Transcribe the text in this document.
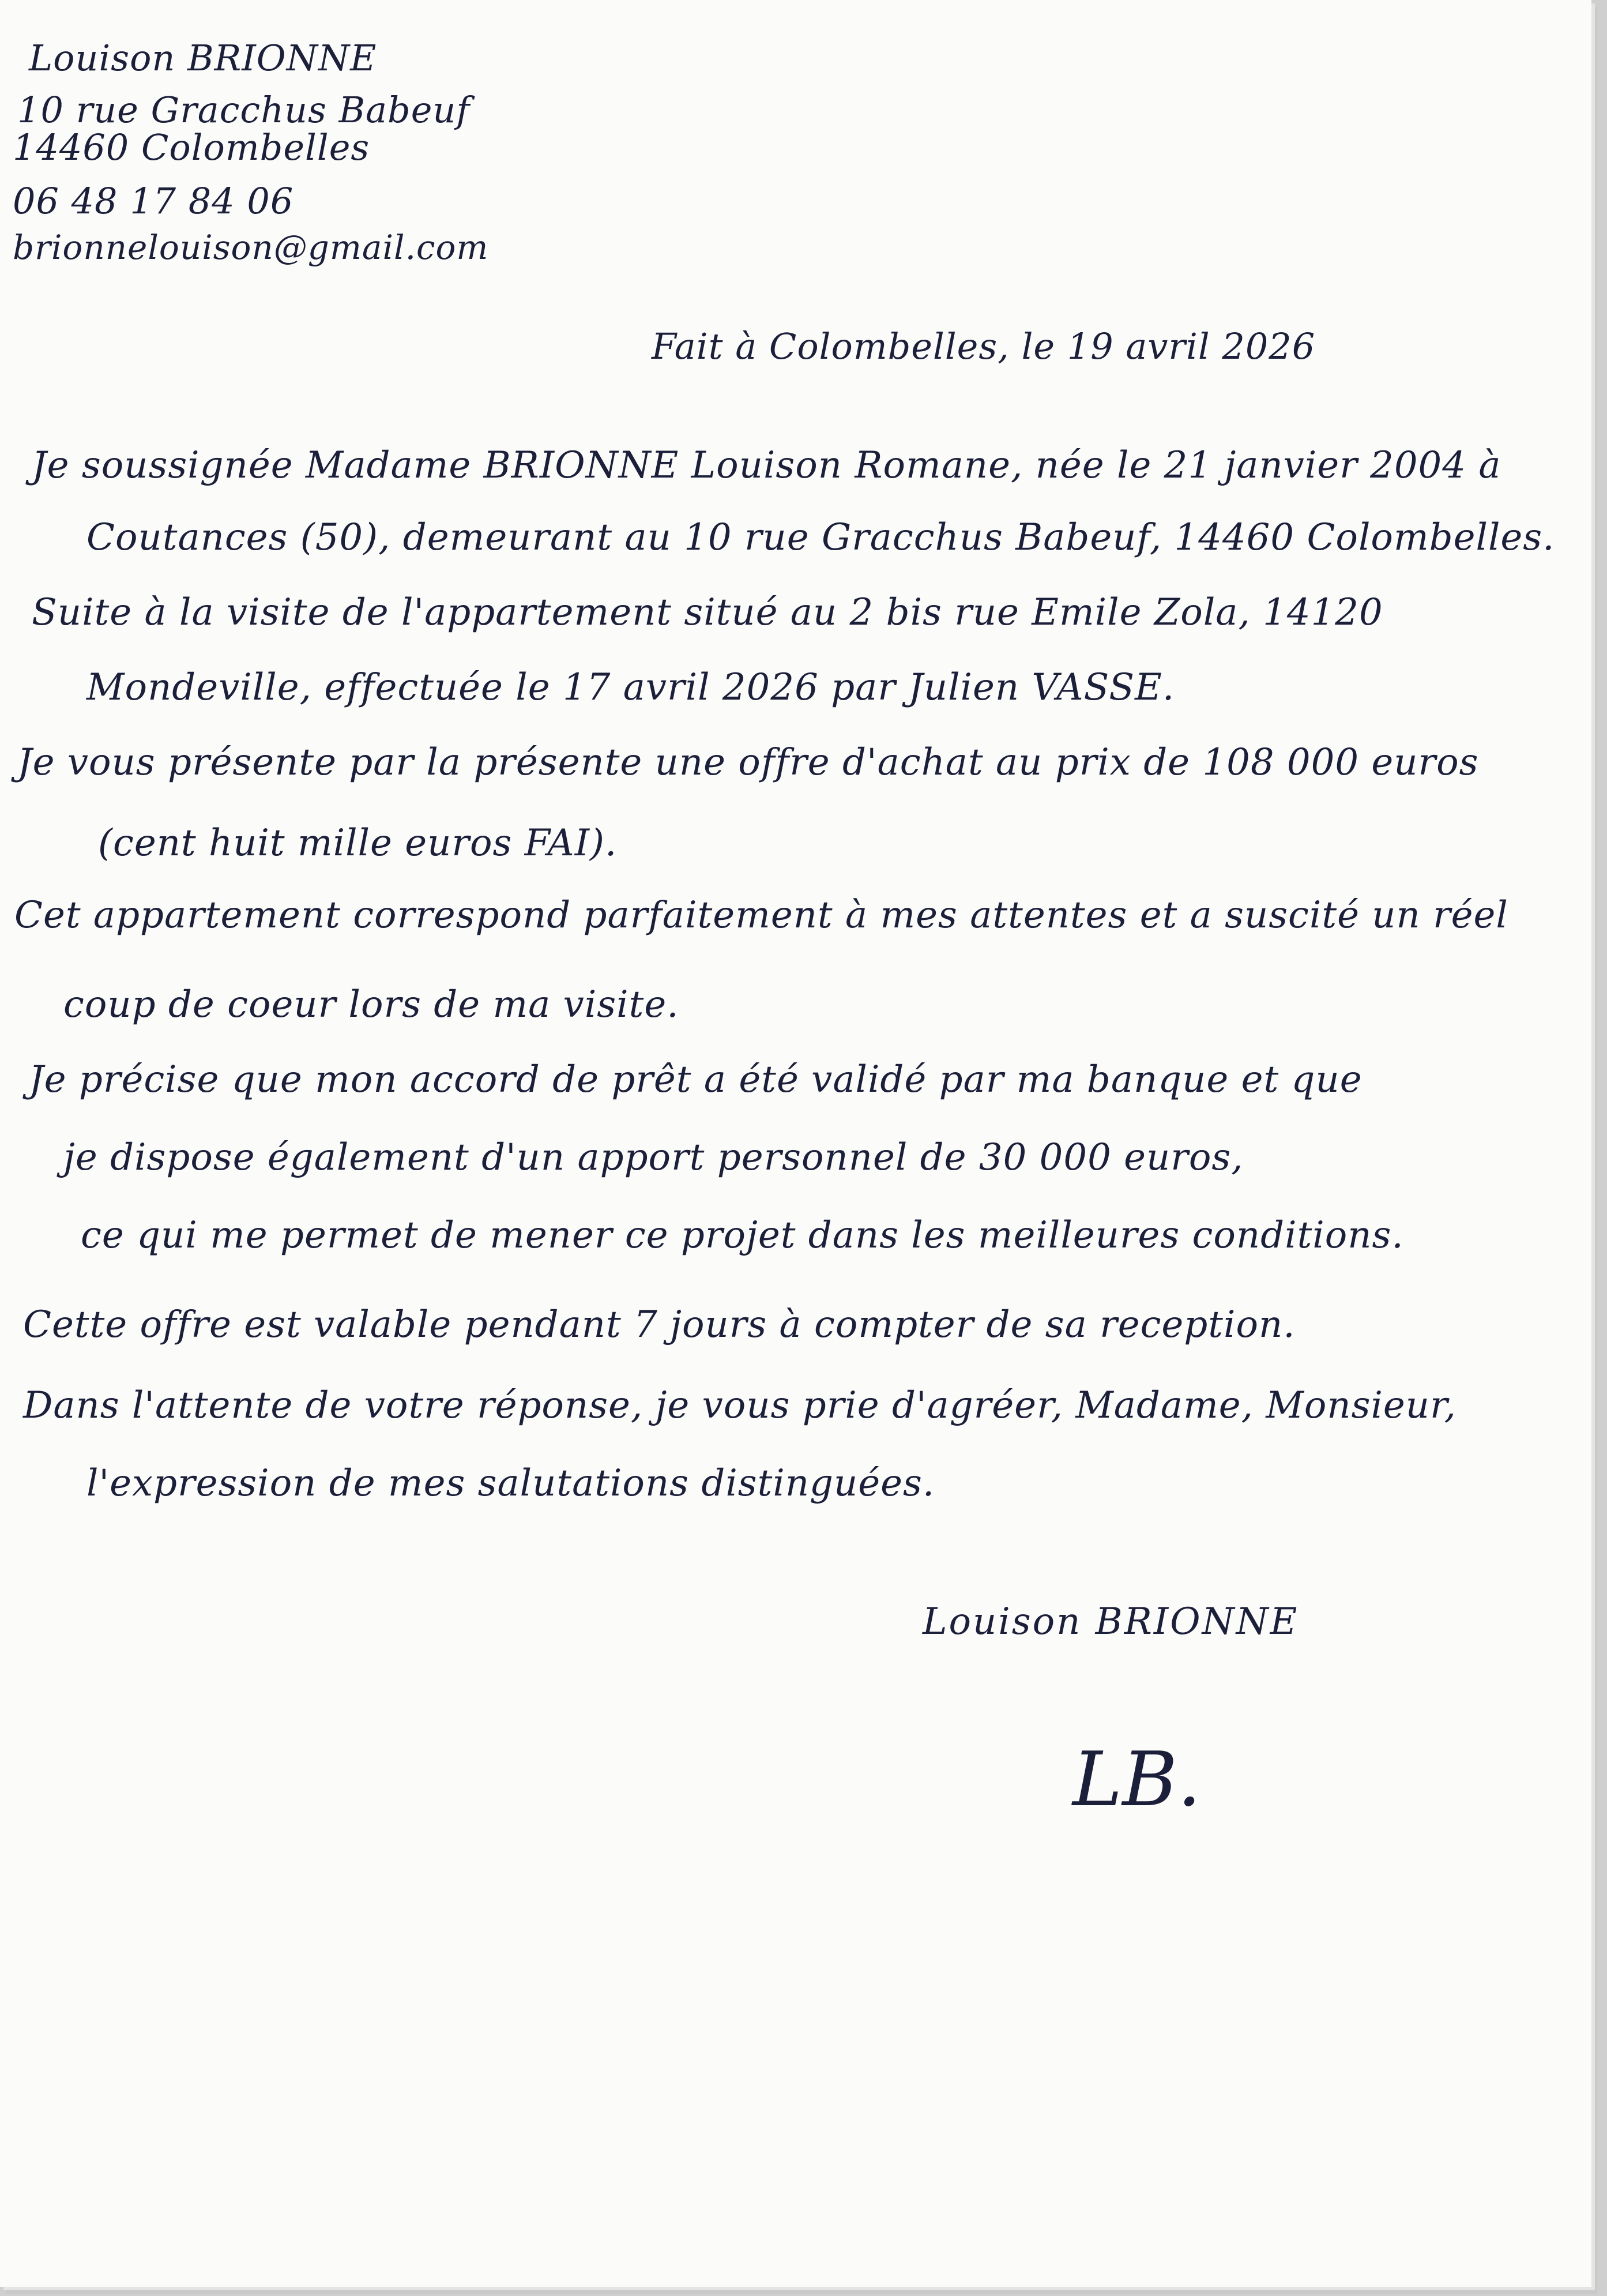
Louison BRIONNE
10 rue Gracchus Babeuf
14460 Colombelles
06 48 17 84 06
brionnelouison@gmail.com
Fait à Colombelles, le 19 avril 2026
Je soussignée Madame BRIONNE Louison Romane, née le 21 janvier 2004 à
Coutances (50), demeurant au 10 rue Gracchus Babeuf, 14460 Colombelles.
Suite à la visite de l'appartement situé au 2 bis rue Emile Zola, 14120
Mondeville, effectuée le 17 avril 2026 par Julien VASSE.
Je vous présente par la présente une offre d'achat au prix de 108 000 euros
(cent huit mille euros FAI).
Cet appartement correspond parfaitement à mes attentes et a suscité un réel
coup de coeur lors de ma visite.
Je précise que mon accord de prêt a été validé par ma banque et que
je dispose également d'un apport personnel de 30 000 euros,
ce qui me permet de mener ce projet dans les meilleures conditions.
Cette offre est valable pendant 7 jours à compter de sa reception.
Dans l'attente de votre réponse, je vous prie d'agréer, Madame, Monsieur,
l'expression de mes salutations distinguées.
Louison BRIONNE
LB.
